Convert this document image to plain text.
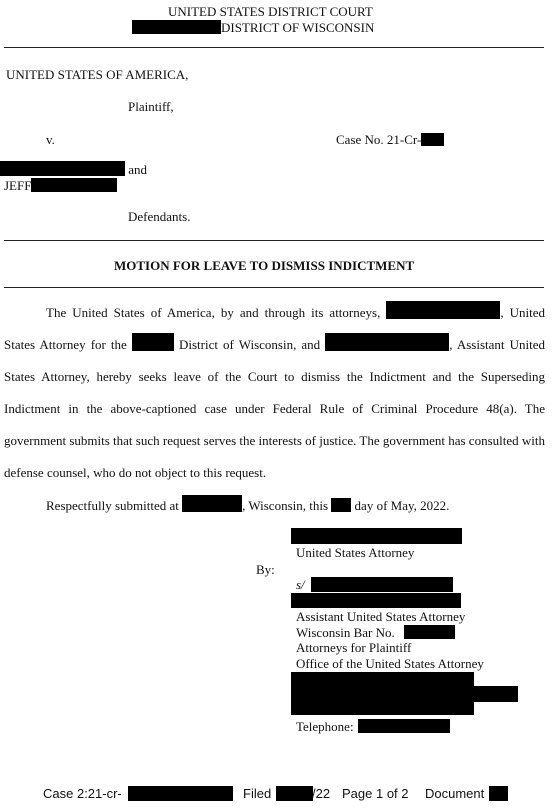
UNITED STATES DISTRICT COURT
DISTRICT OF WISCONSIN
UNITED STATES OF AMERICA,
Plaintiff,
v.	Case No. 21-Cr-
and
JEFF
Defendants.
MOTION FOR LEAVE TO DISMISS INDICTMENT
The United States of America, by and through its attorneys,	, United States Attorney for the	District of Wisconsin, and	, Assistant United States Attorney, hereby seeks leave of the Court to dismiss the Indictment and the Superseding Indictment in the above-captioned case under Federal Rule of Criminal Procedure 48(a). The government submits that such request serves the interests of justice. The government has consulted with defense counsel, who do not object to this request.
Respectfully submitted at	, Wisconsin, this day of May, 2022.
United States Attorney
By:
s/
Assistant United States Attorney
Wisconsin Bar No.
Attorneys for Plaintiff
Office of the United States Attorney
Telephone:
Case 2:21-cr-	Filed	/22 Page 1 of 2 Document
